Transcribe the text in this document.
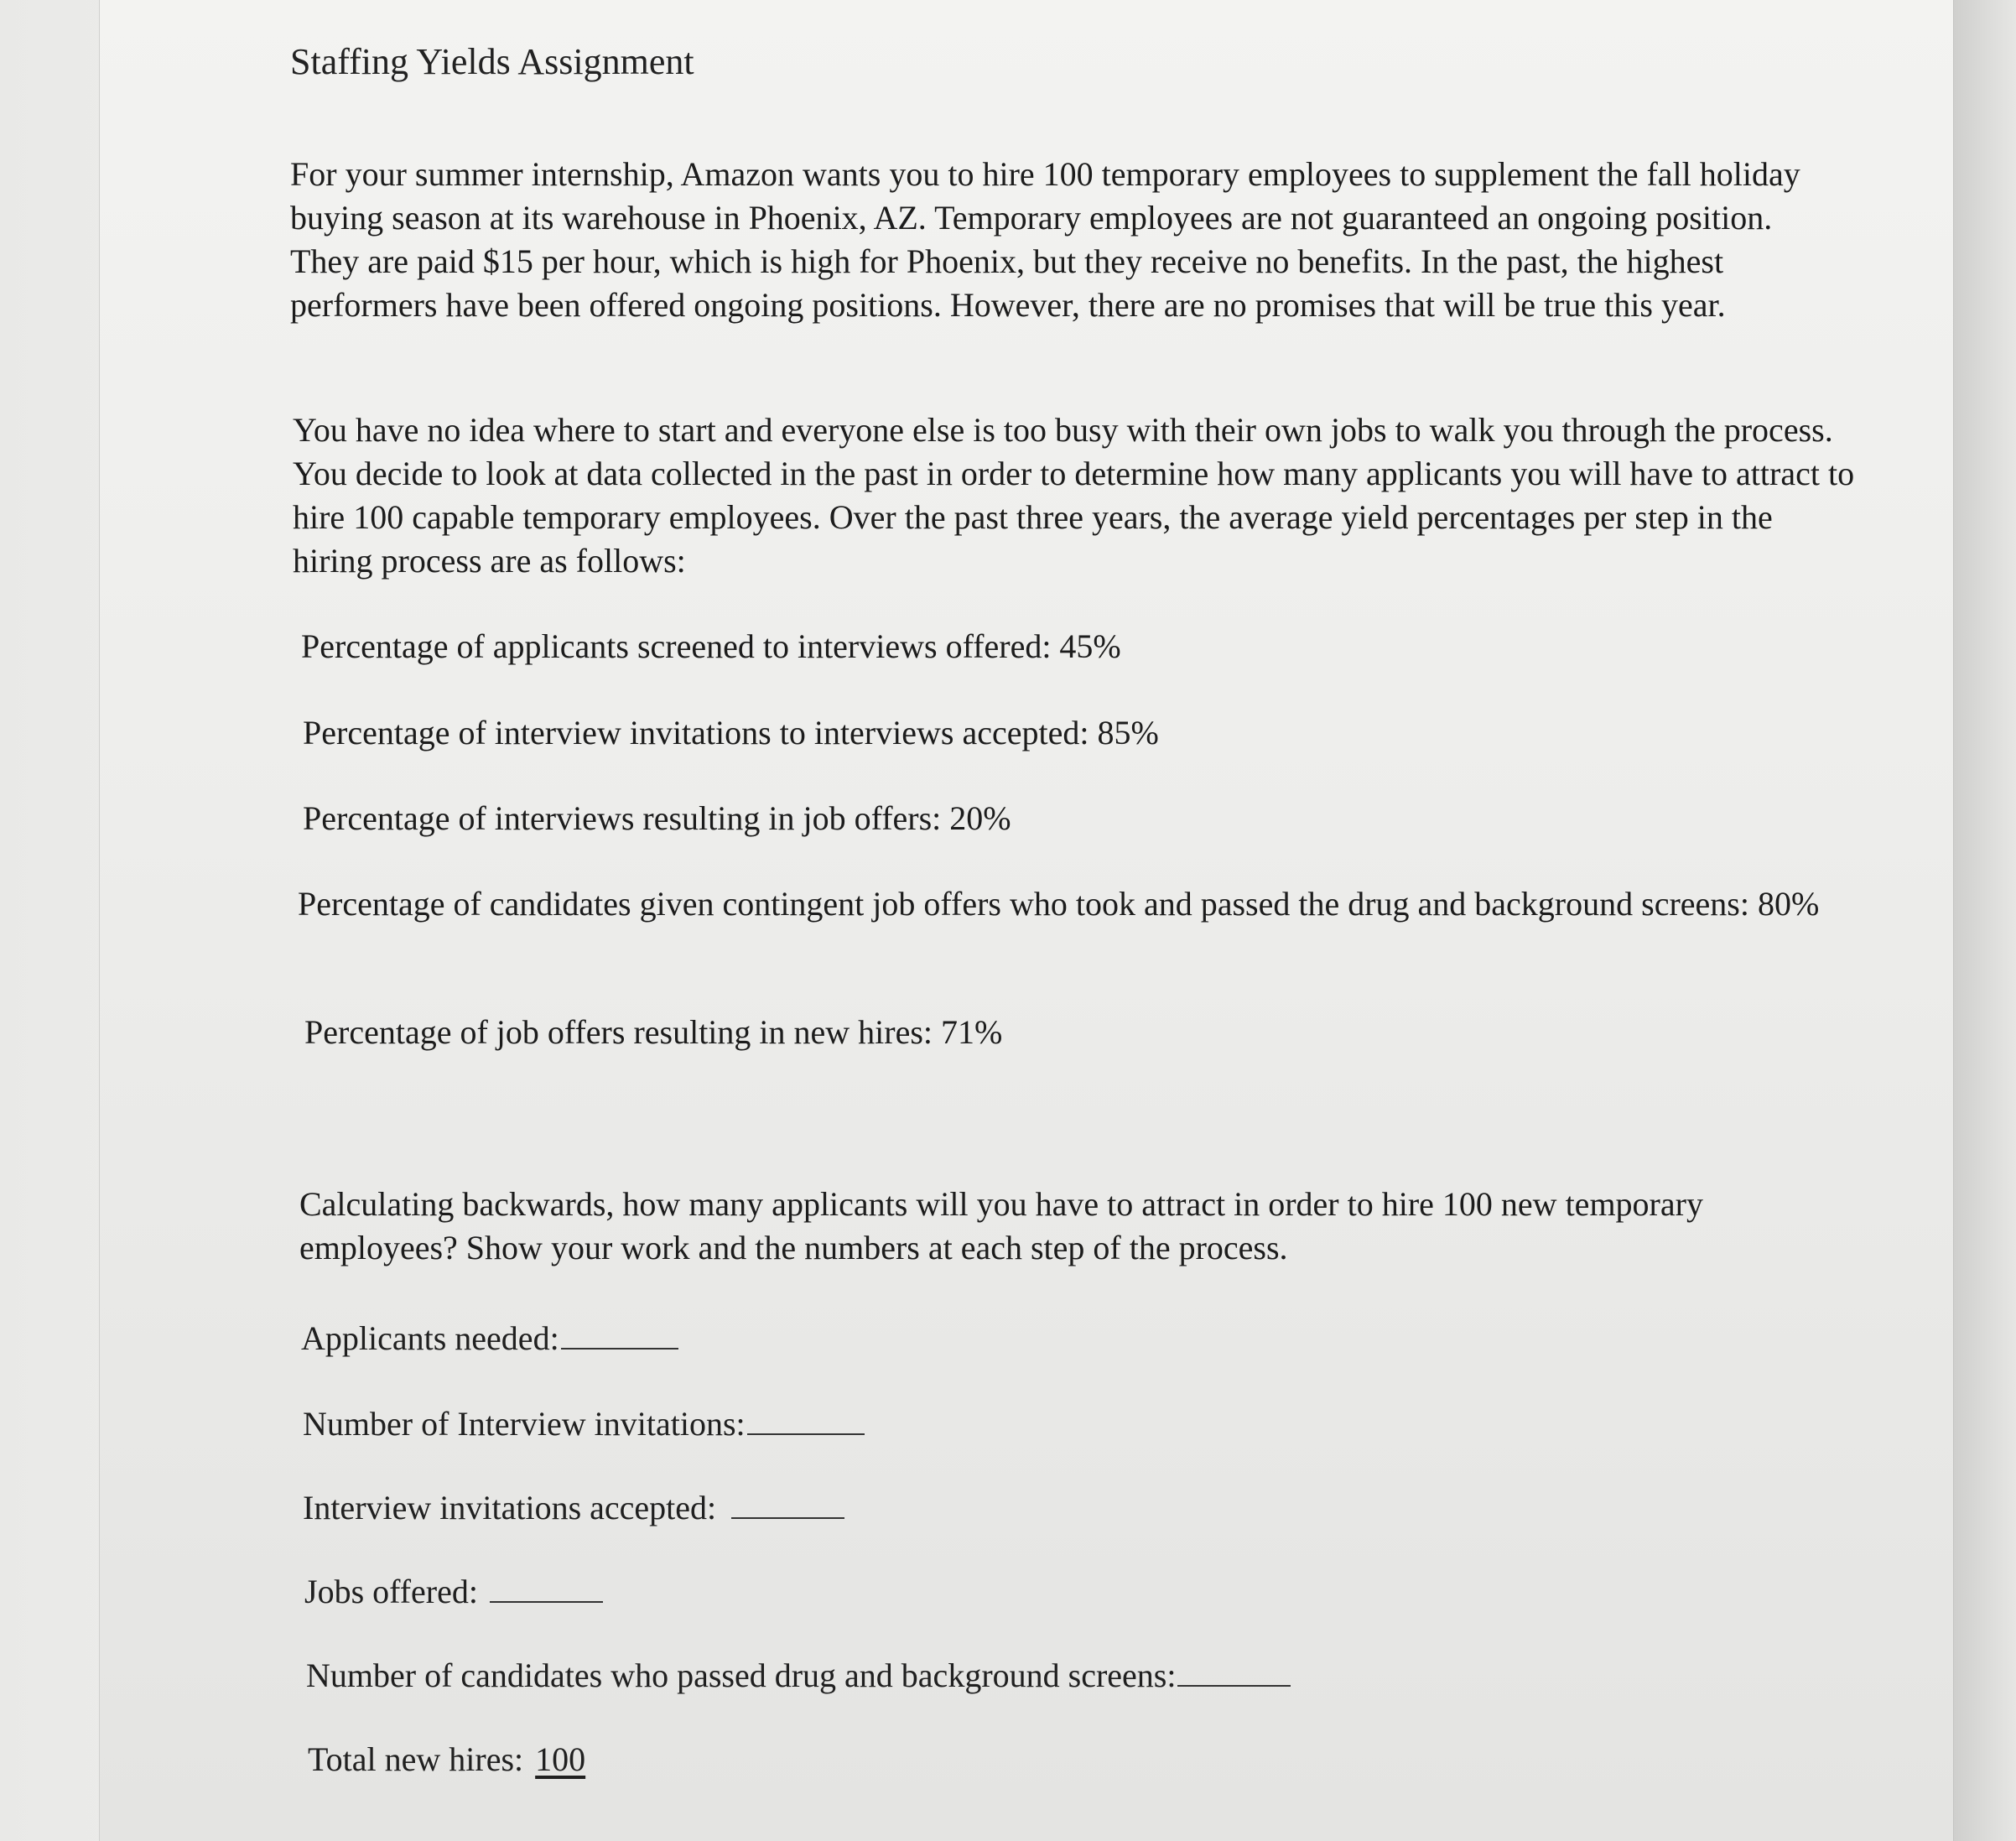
Staffing Yields Assignment

For your summer internship, Amazon wants you to hire 100 temporary employees to supplement the fall holiday buying season at its warehouse in Phoenix, AZ. Temporary employees are not guaranteed an ongoing position. They are paid $15 per hour, which is high for Phoenix, but they receive no benefits. In the past, the highest performers have been offered ongoing positions. However, there are no promises that will be true this year.

You have no idea where to start and everyone else is too busy with their own jobs to walk you through the process. You decide to look at data collected in the past in order to determine how many applicants you will have to attract to hire 100 capable temporary employees. Over the past three years, the average yield percentages per step in the hiring process are as follows:

Percentage of applicants screened to interviews offered: 45%

Percentage of interview invitations to interviews accepted: 85%

Percentage of interviews resulting in job offers: 20%

Percentage of candidates given contingent job offers who took and passed the drug and background screens: 80%

Percentage of job offers resulting in new hires: 71%

Calculating backwards, how many applicants will you have to attract in order to hire 100 new temporary employees? Show your work and the numbers at each step of the process.

Applicants needed:

Number of Interview invitations:

Interview invitations accepted:

Jobs offered:

Number of candidates who passed drug and background screens:

Total new hires: 100
